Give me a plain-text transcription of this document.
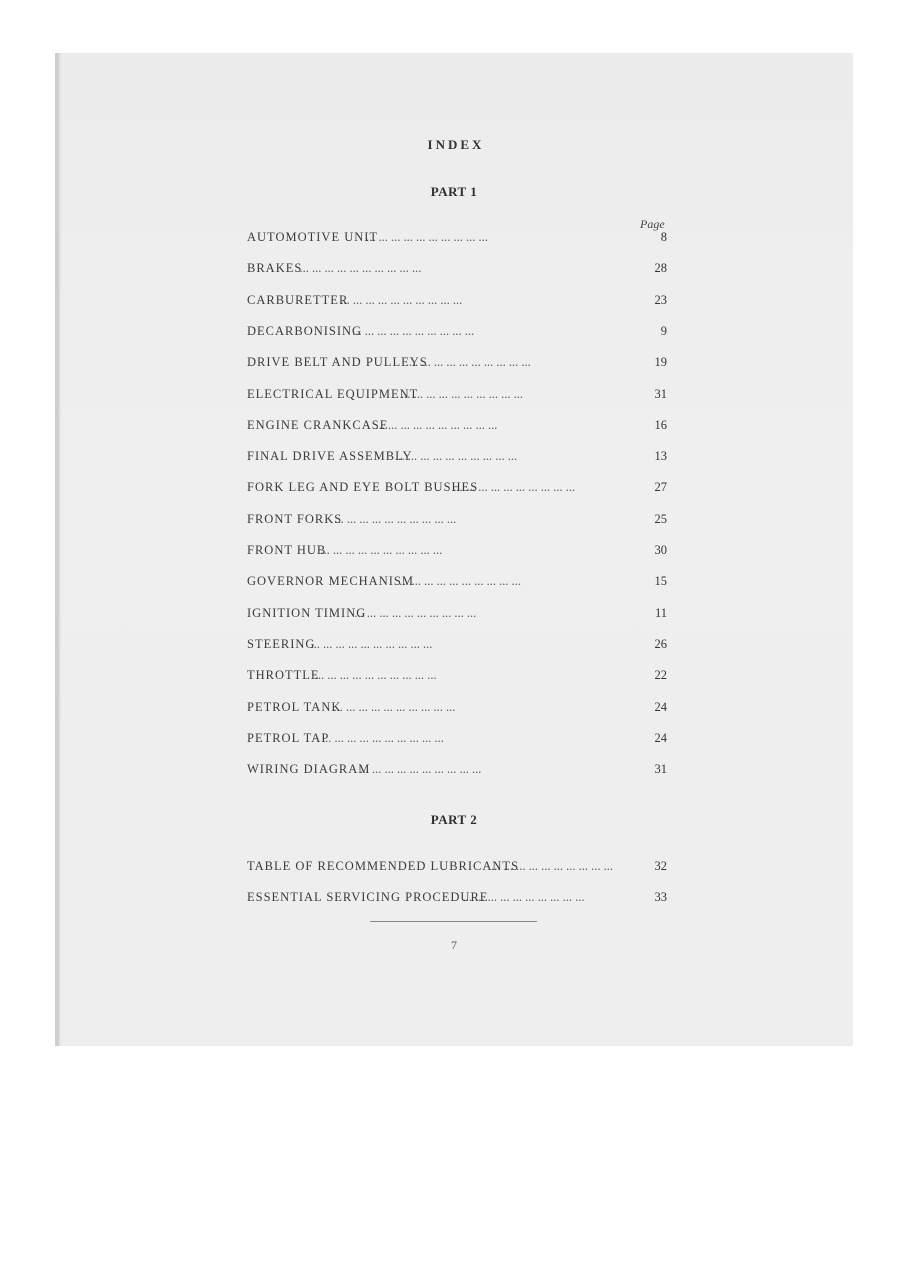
INDEX
PART 1
Page
... ... ... ... ... ... ... ... ... ...
AUTOMOTIVE UNIT	8
... ... ... ... ... ... ... ... ... ...
BRAKES	28
... ... ... ... ... ... ... ... ... ...
CARBURETTER	23
... ... ... ... ... ... ... ... ... ...
DECARBONISING	9
... ... ... ... ... ... ... ... ... ...
DRIVE BELT AND PULLEYS	19
... ... ... ... ... ... ... ... ... ...
ELECTRICAL EQUIPMENT	31
... ... ... ... ... ... ... ... ... ...
ENGINE CRANKCASE	16
... ... ... ... ... ... ... ... ... ...
FINAL DRIVE ASSEMBLY	13
... ... ... ... ... ... ... ... ... ...
FORK LEG AND EYE BOLT BUSHES	27
... ... ... ... ... ... ... ... ... ...
FRONT FORKS	25
... ... ... ... ... ... ... ... ... ...
FRONT HUB	30
... ... ... ... ... ... ... ... ... ...
GOVERNOR MECHANISM	15
... ... ... ... ... ... ... ... ... ...
IGNITION TIMING	11
... ... ... ... ... ... ... ... ... ...
STEERING	26
... ... ... ... ... ... ... ... ... ...
THROTTLE	22
... ... ... ... ... ... ... ... ... ...
PETROL TANK	24
... ... ... ... ... ... ... ... ... ...
PETROL TAP	24
... ... ... ... ... ... ... ... ... ...
WIRING DIAGRAM	31
PART 2
... ... ... ... ... ... ... ... ... ...
TABLE OF RECOMMENDED LUBRICANTS	32
... ... ... ... ... ... ... ... ... ...
ESSENTIAL SERVICING PROCEDURE	33
7
